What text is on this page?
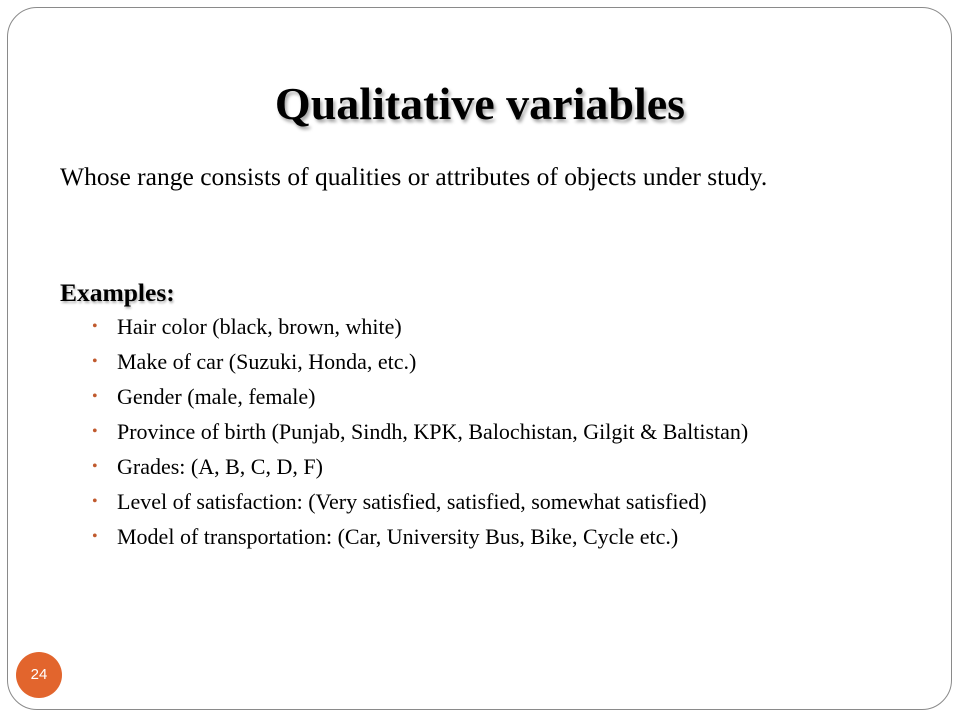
Qualitative variables

Whose range consists of qualities or attributes of objects under study.

Examples:

• Hair color (black, brown, white)
• Make of car (Suzuki, Honda, etc.)
• Gender (male, female)
• Province of birth (Punjab, Sindh, KPK, Balochistan, Gilgit & Baltistan)
• Grades: (A, B, C, D, F)
• Level of satisfaction: (Very satisfied, satisfied, somewhat satisfied)
• Model of transportation: (Car, University Bus, Bike, Cycle etc.)
24
